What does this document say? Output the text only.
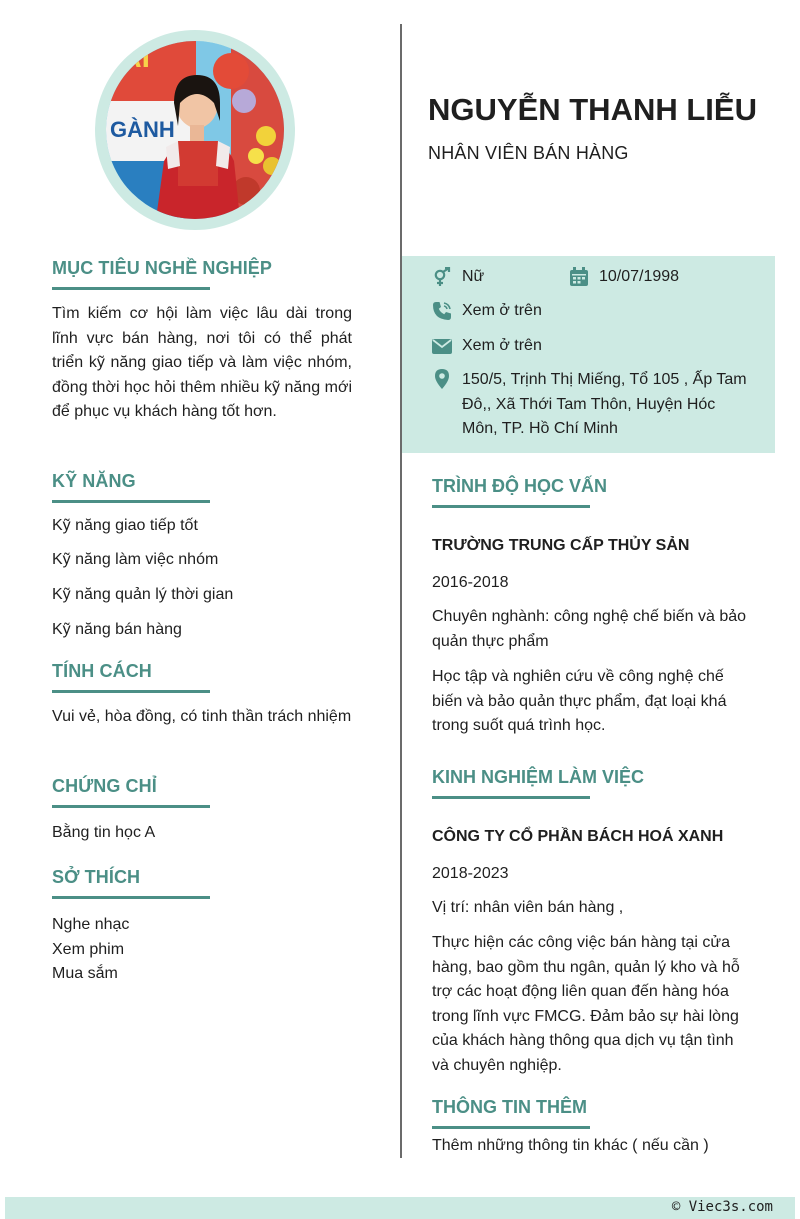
GÀNH
AI
NGUYỄN THANH LIỄU
NHÂN VIÊN BÁN HÀNG
Nữ	10/07/1998
Xem ở trên
Xem ở trên
150/5, Trịnh Thị Miếng, Tổ 105 , Ấp Tam Đô,, Xã Thới Tam Thôn, Huyện Hóc Môn, TP. Hồ Chí Minh
MỤC TIÊU NGHỀ NGHIỆP
Tìm kiếm cơ hội làm việc lâu dài trong lĩnh vực bán hàng, nơi tôi có thể phát triển kỹ năng giao tiếp và làm việc nhóm, đồng thời học hỏi thêm nhiều kỹ năng mới để phục vụ khách hàng tốt hơn.
KỸ NĂNG
Kỹ năng giao tiếp tốt
Kỹ năng làm việc nhóm
Kỹ năng quản lý thời gian
Kỹ năng bán hàng
TÍNH CÁCH
Vui vẻ, hòa đồng, có tinh thần trách nhiệm
CHỨNG CHỈ
Bằng tin học A
SỞ THÍCH
Nghe nhạc
Xem phim
Mua sắm
TRÌNH ĐỘ HỌC VẤN
TRƯỜNG TRUNG CẤP THỦY SẢN
2016-2018
Chuyên nghành: công nghệ chế biến và bảo quản thực phẩm
Học tập và nghiên cứu về công nghệ chế biến và bảo quản thực phẩm, đạt loại khá trong suốt quá trình học.
KINH NGHIỆM LÀM VIỆC
CÔNG TY CỔ PHẦN BÁCH HOÁ XANH
2018-2023
Vị trí: nhân viên bán hàng ,
Thực hiện các công việc bán hàng tại cửa hàng, bao gồm thu ngân, quản lý kho và hỗ trợ các hoạt động liên quan đến hàng hóa trong lĩnh vực FMCG. Đảm bảo sự hài lòng của khách hàng thông qua dịch vụ tận tình và chuyên nghiệp.
THÔNG TIN THÊM
Thêm những thông tin khác ( nếu cần )
© Viec3s.com
